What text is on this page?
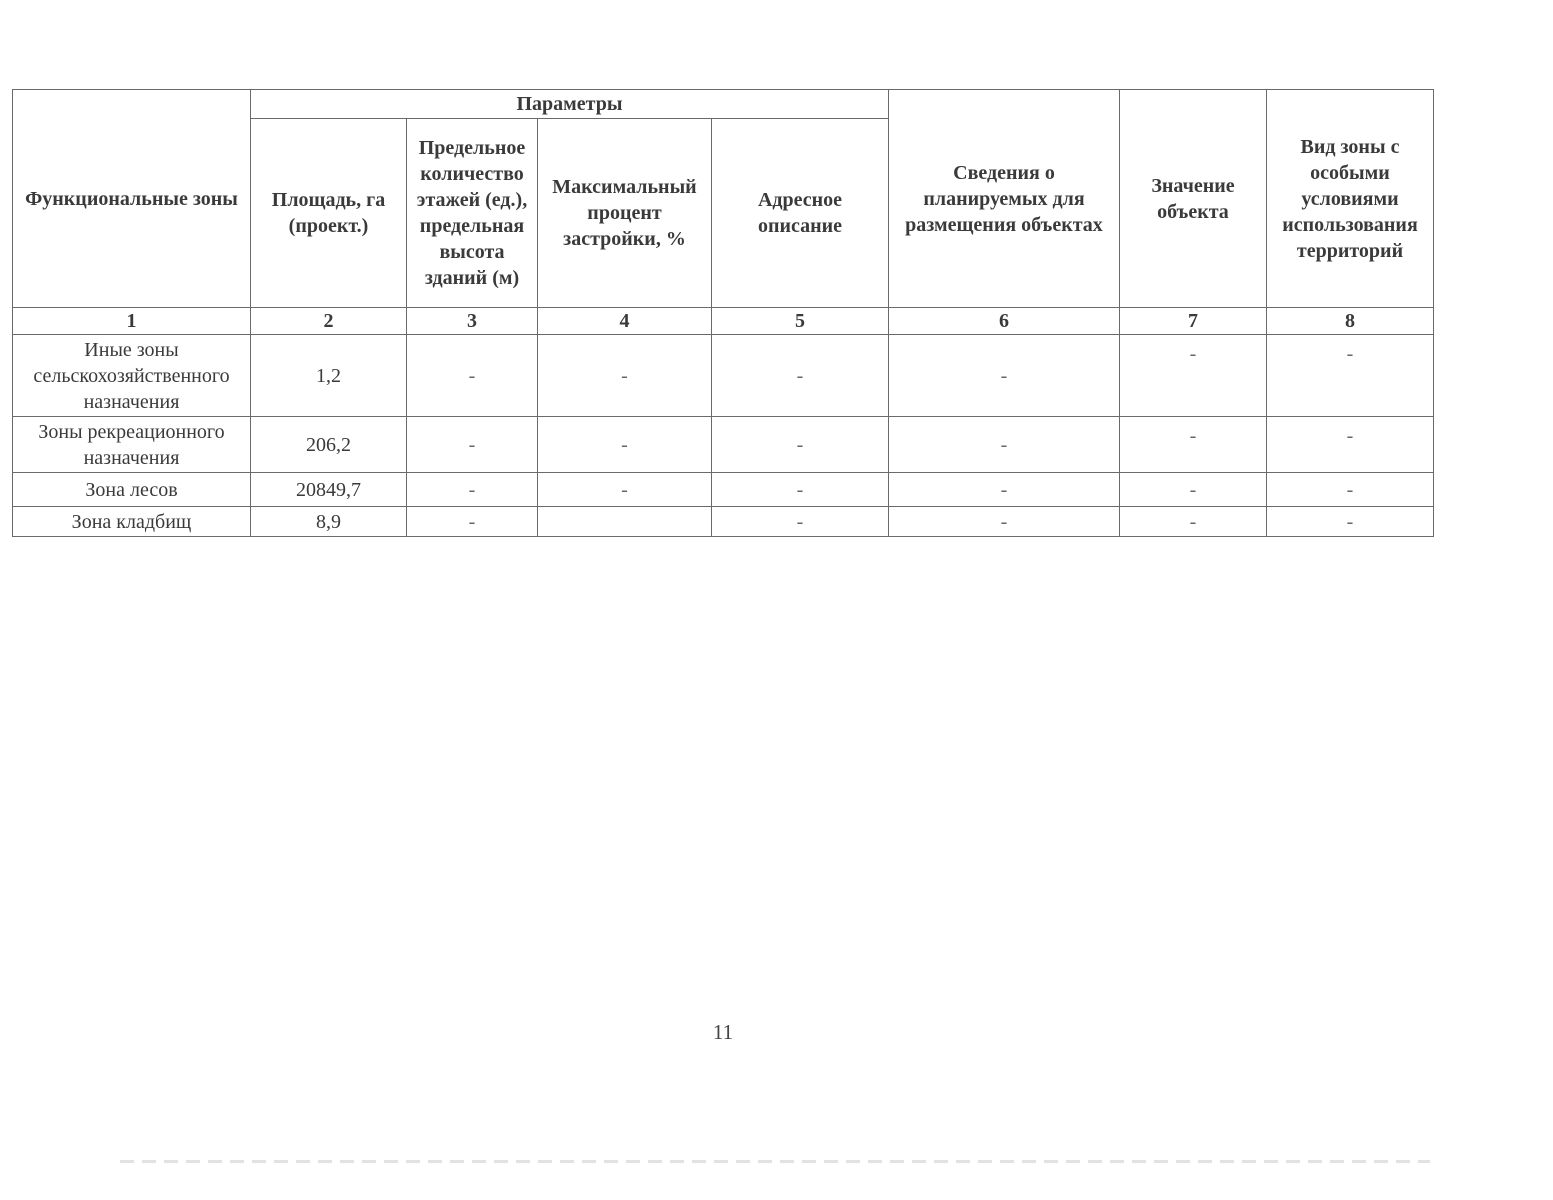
Функциональные зоны	Параметры				Сведения о планируемых для размещения объектах	Значение объекта	Вид зоны с особыми условиями использования территорий
	Площадь, га (проект.)	Предельное количество этажей (ед.), предельная высота зданий (м)	Максимальный процент застройки, %	Адресное описание			
1	2	3	4	5	6	7	8
Иные зоны сельскохозяйственного назначения	1,2	-	-	-	-	-	-
Зоны рекреационного назначения	206,2	-	-	-	-	-	-
Зона лесов	20849,7	-	-	-	-	-	-
Зона кладбищ	8,9	-		-	-	-	-
11
